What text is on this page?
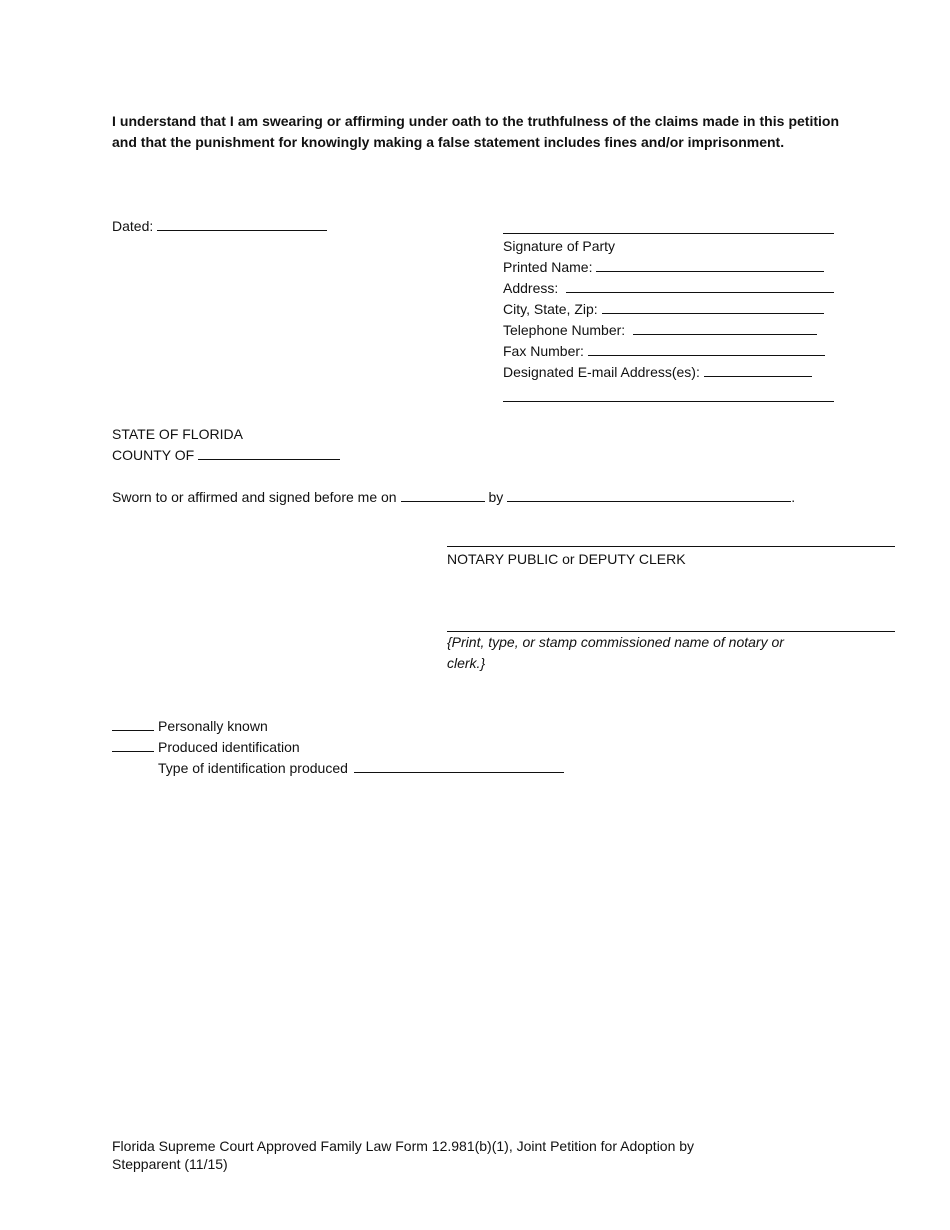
I understand that I am swearing or affirming under oath to the truthfulness of the claims made in this petition and that the punishment for knowingly making a false statement includes fines and/or imprisonment.
Dated:
Signature of Party
Printed Name:
Address:
City, State, Zip:
Telephone Number:
Fax Number:
Designated E-mail Address(es):
STATE OF FLORIDA
COUNTY OF
Sworn to or affirmed and signed before me on	by	.
NOTARY PUBLIC or DEPUTY CLERK
{Print, type, or stamp commissioned name of notary or
clerk.}
Personally known
Produced identification
Type of identification produced
Florida Supreme Court Approved Family Law Form 12.981(b)(1), Joint Petition for Adoption by
Stepparent (11/15)
